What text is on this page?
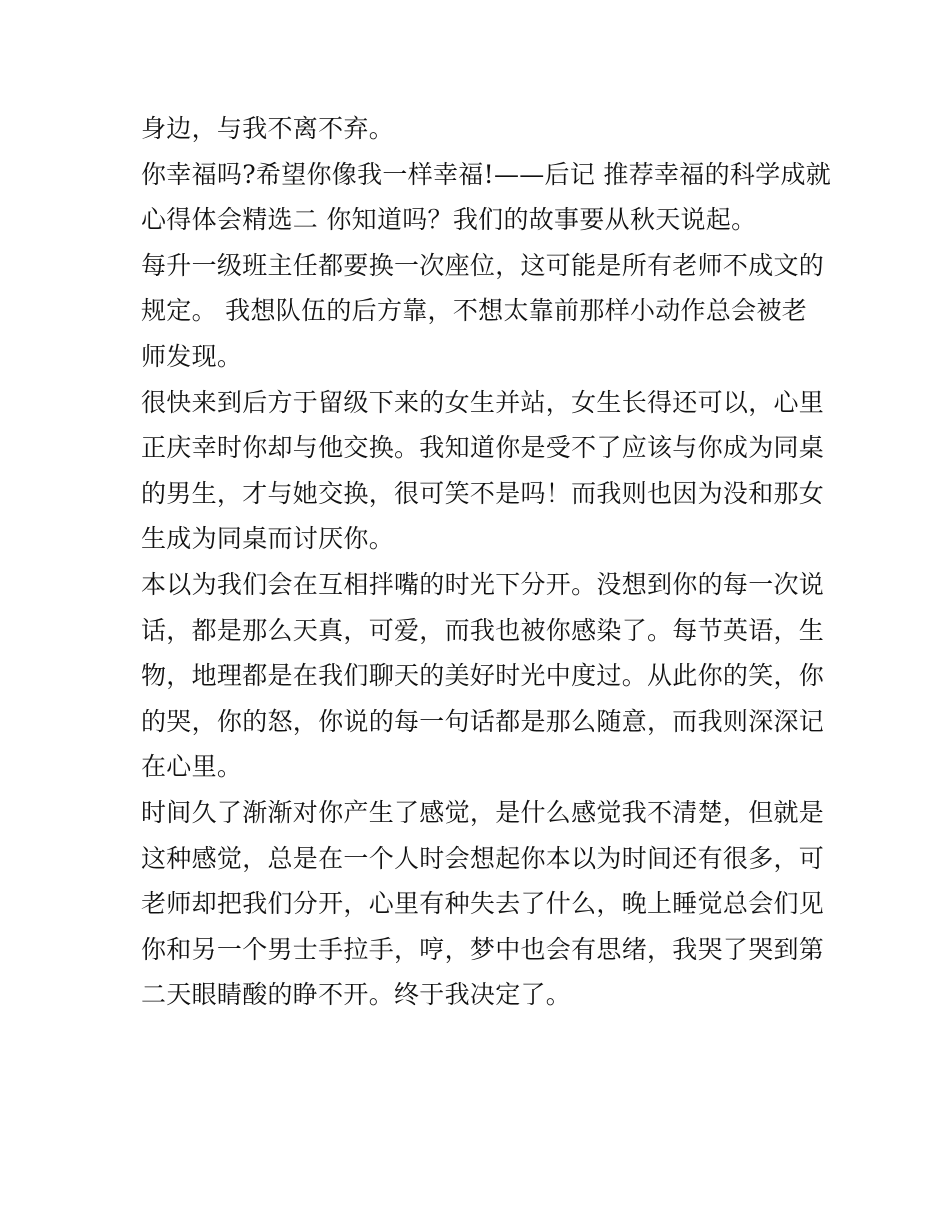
身边，与我不离不弃。

你幸福吗?希望你像我一样幸福!——后记 推荐幸福的科学成就
心得体会精选二 你知道吗？我们的故事要从秋天说起。

每升一级班主任都要换一次座位，这可能是所有老师不成文的
规定。 我想队伍的后方靠，不想太靠前那样小动作总会被老
师发现。

很快来到后方于留级下来的女生并站，女生长得还可以，心里
正庆幸时你却与他交换。我知道你是受不了应该与你成为同桌
的男生，才与她交换，很可笑不是吗！而我则也因为没和那女
生成为同桌而讨厌你。

本以为我们会在互相拌嘴的时光下分开。没想到你的每一次说
话，都是那么天真，可爱，而我也被你感染了。每节英语，生
物，地理都是在我们聊天的美好时光中度过。从此你的笑，你
的哭，你的怒，你说的每一句话都是那么随意，而我则深深记
在心里。

时间久了渐渐对你产生了感觉，是什么感觉我不清楚，但就是
这种感觉，总是在一个人时会想起你本以为时间还有很多，可
老师却把我们分开，心里有种失去了什么，晚上睡觉总会们见
你和另一个男士手拉手，哼，梦中也会有思绪，我哭了哭到第
二天眼睛酸的睁不开。终于我决定了。
